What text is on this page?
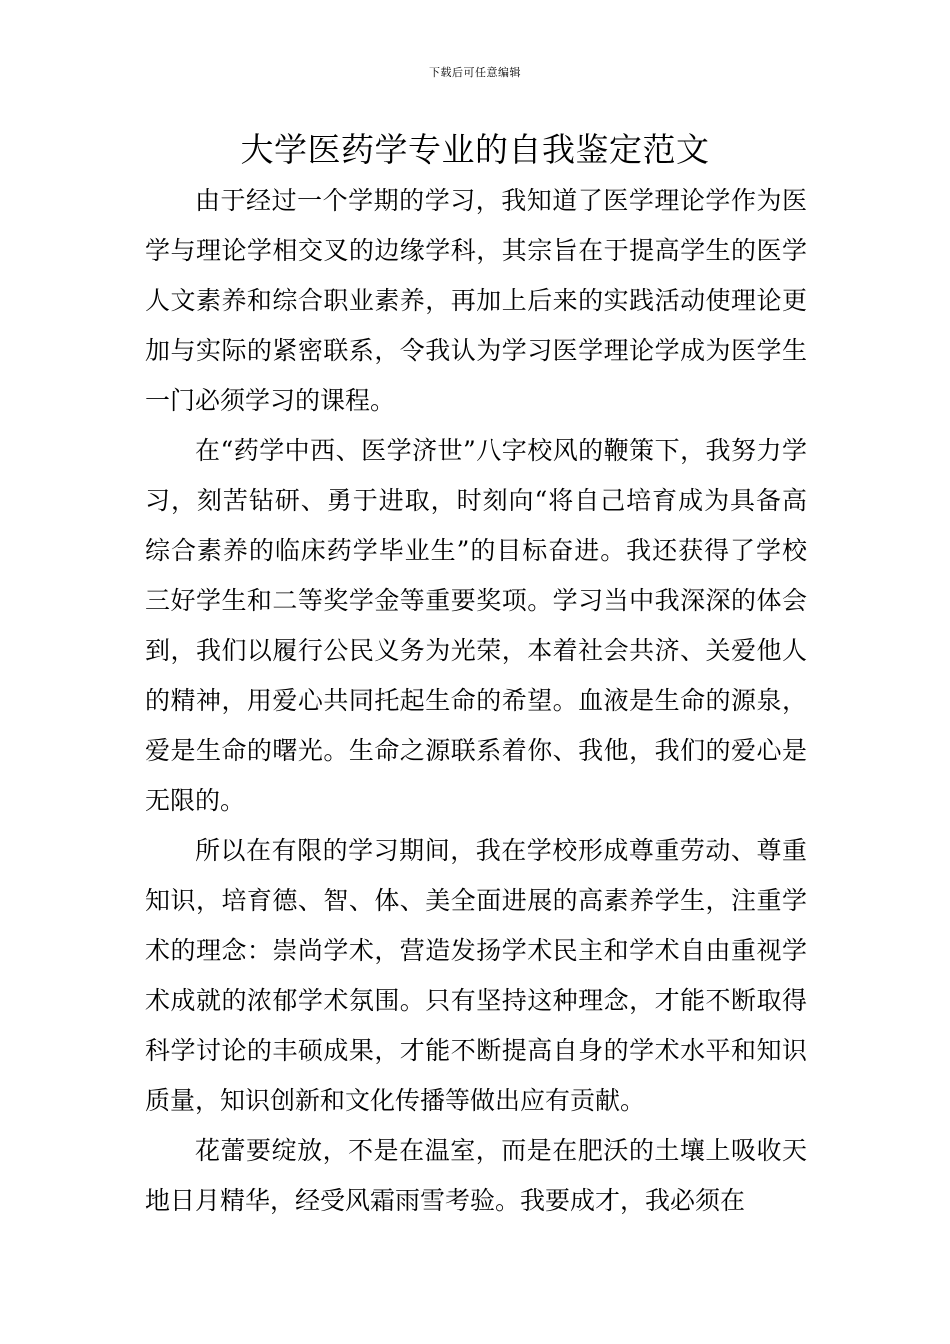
下载后可任意编辑
大学医药学专业的自我鉴定范文

由于经过一个学期的学习，我知道了医学理论学作为医学与理论学相交叉的边缘学科，其宗旨在于提高学生的医学人文素养和综合职业素养，再加上后来的实践活动使理论更加与实际的紧密联系，令我认为学习医学理论学成为医学生一门必须学习的课程。

在“药学中西、医学济世”八字校风的鞭策下，我努力学习，刻苦钻研、勇于进取，时刻向“将自己培育成为具备高综合素养的临床药学毕业生”的目标奋进。我还获得了学校三好学生和二等奖学金等重要奖项。学习当中我深深的体会到，我们以履行公民义务为光荣，本着社会共济、关爱他人的精神，用爱心共同托起生命的希望。血液是生命的源泉，爱是生命的曙光。生命之源联系着你、我他，我们的爱心是无限的。

所以在有限的学习期间，我在学校形成尊重劳动、尊重知识，培育德、智、体、美全面进展的高素养学生，注重学术的理念：崇尚学术，营造发扬学术民主和学术自由重视学术成就的浓郁学术氛围。只有坚持这种理念，才能不断取得科学讨论的丰硕成果，才能不断提高自身的学术水平和知识质量，知识创新和文化传播等做出应有贡献。

花蕾要绽放，不是在温室，而是在肥沃的土壤上吸收天地日月精华，经受风霜雨雪考验。我要成才，我必须在
